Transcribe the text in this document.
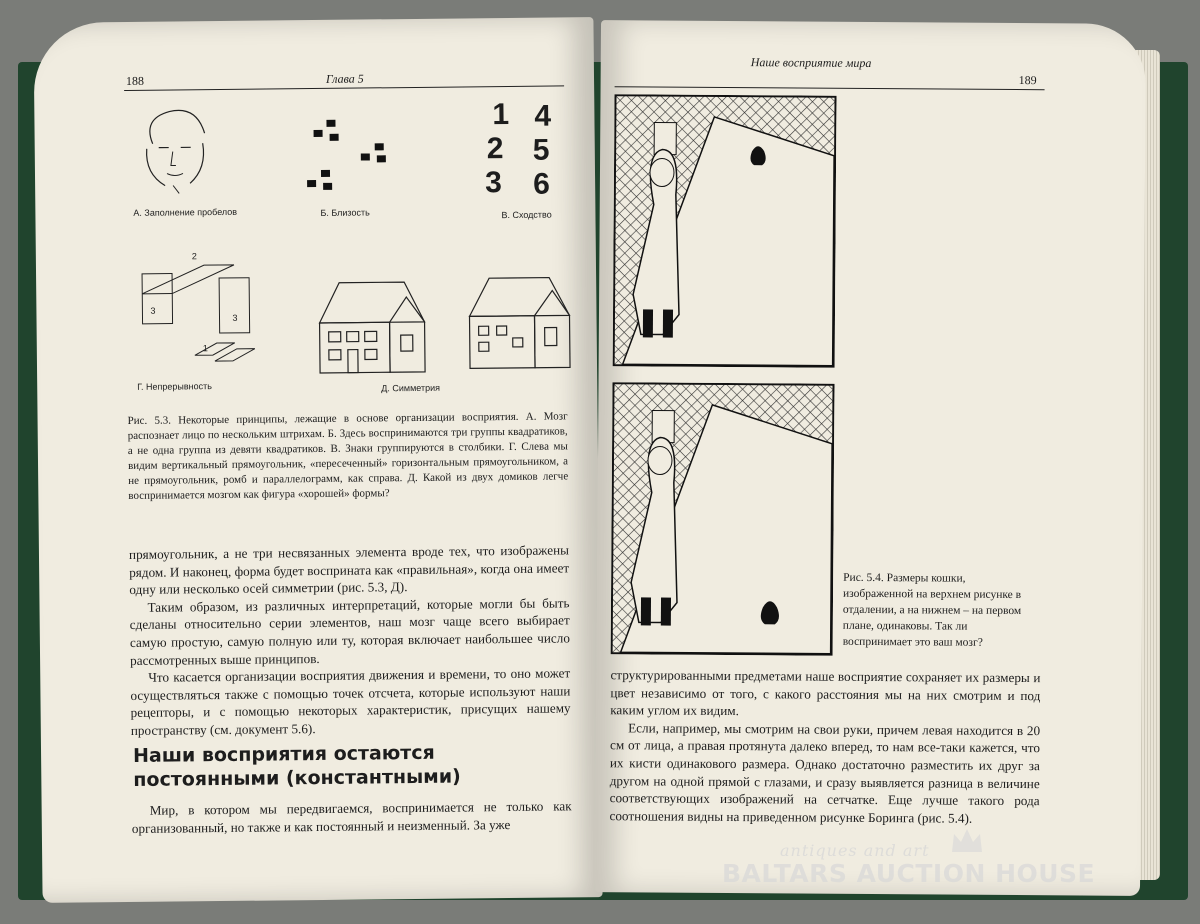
188	Глава 5
А. Заполнение пробелов	Б. Близость
1 4
2 5
3 6
В. Сходство
2
3
3
1
Г. Непрерывность	Д. Симметрия
Рис. 5.3. Некоторые принципы, лежащие в основе организации восприятия. А. Мозг распознает лицо по нескольким штрихам. Б. Здесь воспринимаются три группы квадратиков, а не одна группа из девяти квадратиков. В. Знаки группируются в столбики. Г. Слева мы видим вертикальный прямоугольник, «пересеченный» горизонтальным прямоугольником, а не прямоугольник, ромб и параллелограмм, как справа. Д. Какой из двух домиков легче воспринимается мозгом как фигура «хорошей» формы?

прямоугольник, а не три несвязанных элемента вроде тех, что изображены рядом. И наконец, форма будет восприната как «правильная», когда она имеет одну или несколько осей симметрии (рис. 5.3, Д).

Таким образом, из различных интерпретаций, которые могли бы быть сделаны относительно серии элементов, наш мозг чаще всего выбирает самую простую, самую полную или ту, которая включает наибольшее число рассмотренных выше принципов.

Что касается организации восприятия движения и времени, то оно может осуществляться также с помощью точек отсчета, которые используют наши рецепторы, и с помощью некоторых характеристик, присущих нашему пространству (см. документ 5.6).

Наши восприятия остаются
постоянными (константными)

Мир, в котором мы передвигаемся, воспринимается не только как организованный, но также и как постоянный и неизменный. За уже

Наше восприятие мира
189
Рис. 5.4. Размеры кошки, изображенной на верхнем рисунке в отдалении, а на нижнем – на первом плане, одинаковы. Так ли воспринимает это ваш мозг?

структурированными предметами наше восприятие сохраняет их размеры и цвет независимо от того, с какого расстояния мы на них смотрим и под каким углом их видим.

Если, например, мы смотрим на свои руки, причем левая находится в 20 см от лица, а правая протянута далеко вперед, то нам все-таки кажется, что их кисти одинакового размера. Однако достаточно разместить их друг за другом на одной прямой с глазами, и сразу выявляется разница в величине соответствующих изображений на сетчатке. Еще лучше такого рода соотношения видны на приведенном рисунке Боринга (рис. 5.4).

antiques and art
BALTARS AUCTION HOUSE
